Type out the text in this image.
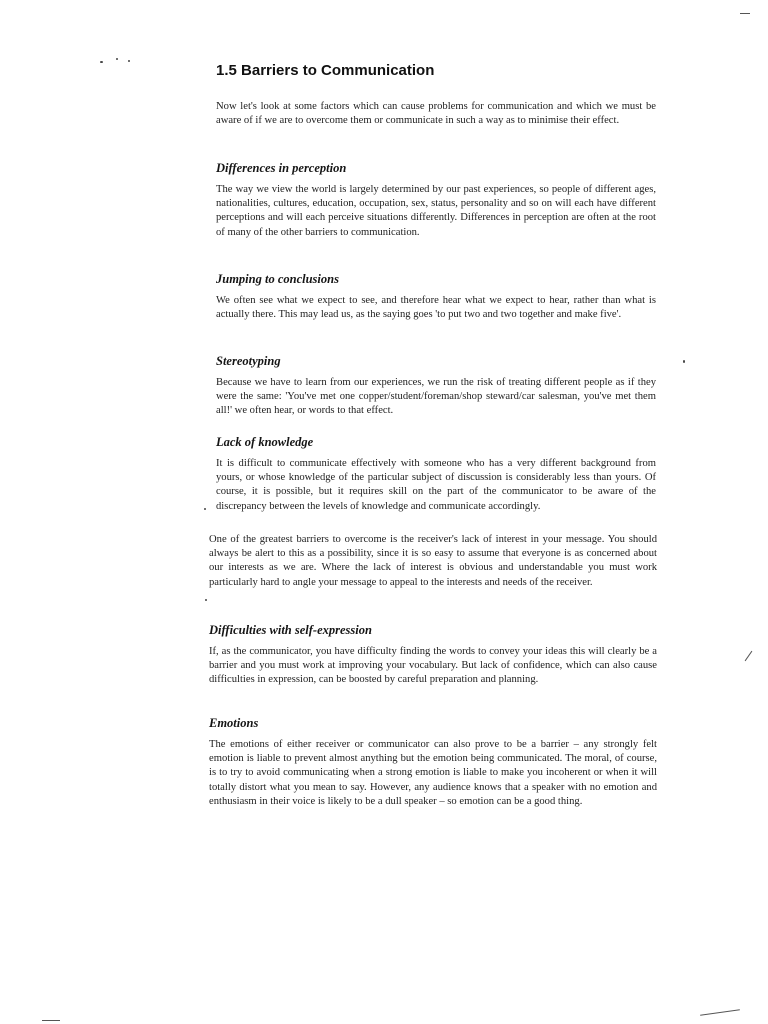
1.5 Barriers to Communication

Now let's look at some factors which can cause problems for communication and which we must be aware of if we are to overcome them or communicate in such a way as to minimise their effect.

Differences in perception

The way we view the world is largely determined by our past experiences, so people of different ages, nationalities, cultures, education, occupation, sex, status, personality and so on will each have different perceptions and will each perceive situations differently. Differences in perception are often at the root of many of the other barriers to communication.

Jumping to conclusions

We often see what we expect to see, and therefore hear what we expect to hear, rather than what is actually there. This may lead us, as the saying goes 'to put two and two together and make five'.

Stereotyping

Because we have to learn from our experiences, we run the risk of treating different people as if they were the same: 'You've met one copper/student/foreman/shop steward/car salesman, you've met them all!' we often hear, or words to that effect.

Lack of knowledge

It is difficult to communicate effectively with someone who has a very different background from yours, or whose knowledge of the particular subject of discussion is considerably less than yours. Of course, it is possible, but it requires skill on the part of the communicator to be aware of the discrepancy between the levels of knowledge and communicate accordingly.

One of the greatest barriers to overcome is the receiver's lack of interest in your message. You should always be alert to this as a possibility, since it is so easy to assume that everyone is as concerned about our interests as we are. Where the lack of interest is obvious and understandable you must work particularly hard to angle your message to appeal to the interests and needs of the receiver.

Difficulties with self-expression

If, as the communicator, you have difficulty finding the words to convey your ideas this will clearly be a barrier and you must work at improving your vocabulary. But lack of confidence, which can also cause difficulties in expression, can be boosted by careful preparation and planning.

Emotions

The emotions of either receiver or communicator can also prove to be a barrier – any strongly felt emotion is liable to prevent almost anything but the emotion being communicated. The moral, of course, is to try to avoid communicating when a strong emotion is liable to make you incoherent or when it will totally distort what you mean to say. However, any audience knows that a speaker with no emotion and enthusiasm in their voice is likely to be a dull speaker – so emotion can be a good thing.
